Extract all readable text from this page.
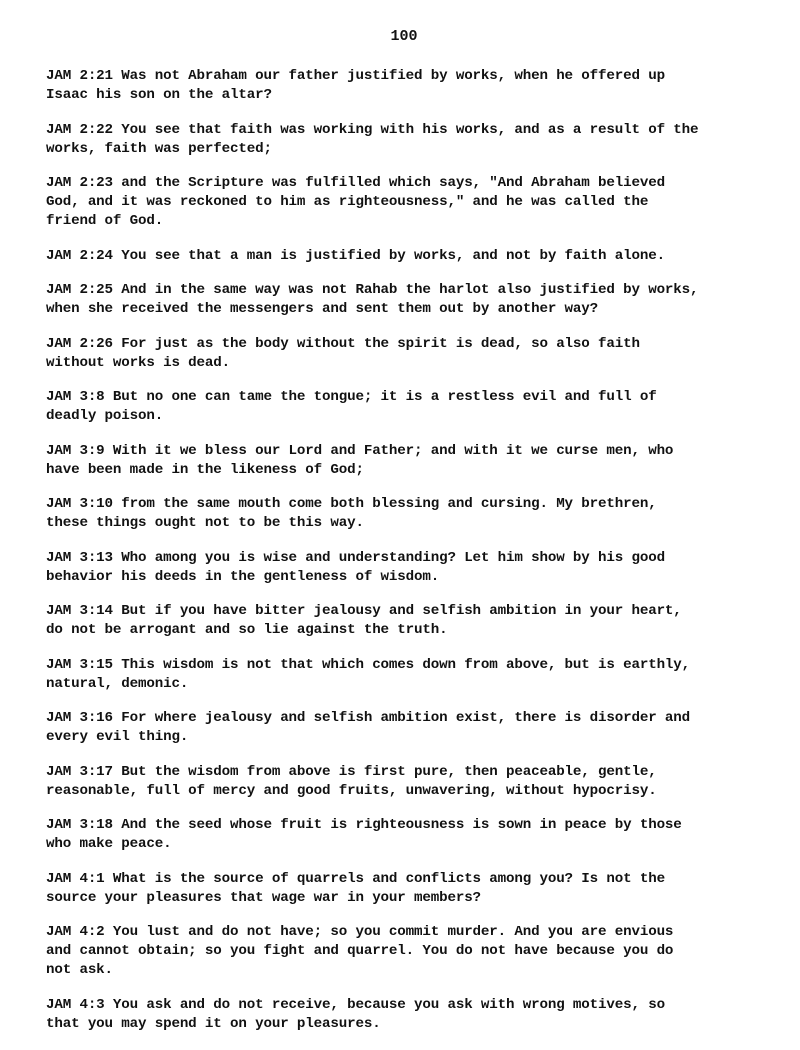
100
JAM 2:21 Was not Abraham our father justified by works, when he offered up
Isaac his son on the altar?
JAM 2:22 You see that faith was working with his works, and as a result of the
works, faith was perfected;
JAM 2:23 and the Scripture was fulfilled which says, "And Abraham believed
God, and it was reckoned to him as righteousness," and he was called the
friend of God.
JAM 2:24 You see that a man is justified by works, and not by faith alone.
JAM 2:25 And in the same way was not Rahab the harlot also justified by works,
when she received the messengers and sent them out by another way?
JAM 2:26 For just as the body without the spirit is dead, so also faith
without works is dead.
JAM 3:8 But no one can tame the tongue; it is a restless evil and full of
deadly poison.
JAM 3:9 With it we bless our Lord and Father; and with it we curse men, who
have been made in the likeness of God;
JAM 3:10 from the same mouth come both blessing and cursing. My brethren,
these things ought not to be this way.
JAM 3:13 Who among you is wise and understanding? Let him show by his good
behavior his deeds in the gentleness of wisdom.
JAM 3:14 But if you have bitter jealousy and selfish ambition in your heart,
do not be arrogant and so lie against the truth.
JAM 3:15 This wisdom is not that which comes down from above, but is earthly,
natural, demonic.
JAM 3:16 For where jealousy and selfish ambition exist, there is disorder and
every evil thing.
JAM 3:17 But the wisdom from above is first pure, then peaceable, gentle,
reasonable, full of mercy and good fruits, unwavering, without hypocrisy.
JAM 3:18 And the seed whose fruit is righteousness is sown in peace by those
who make peace.
JAM 4:1 What is the source of quarrels and conflicts among you? Is not the
source your pleasures that wage war in your members?
JAM 4:2 You lust and do not have; so you commit murder. And you are envious
and cannot obtain; so you fight and quarrel. You do not have because you do
not ask.
JAM 4:3 You ask and do not receive, because you ask with wrong motives, so
that you may spend it on your pleasures.
